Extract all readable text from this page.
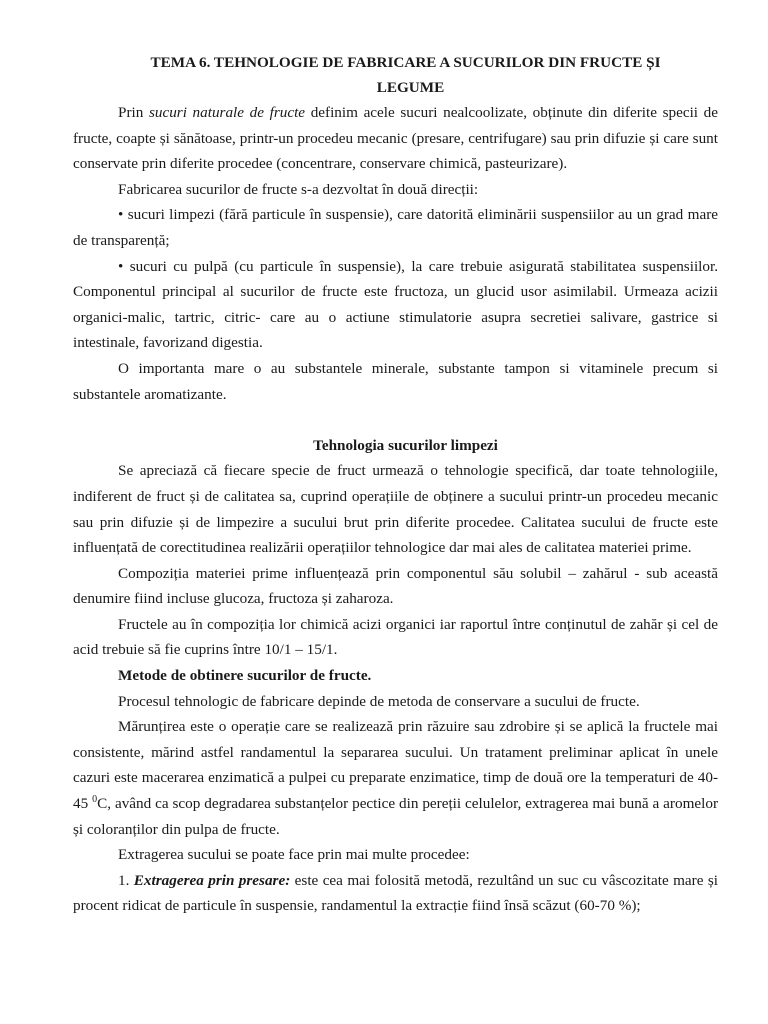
TEMA 6. TEHNOLOGIE DE FABRICARE A SUCURILOR DIN FRUCTE ȘI
LEGUME

Prin sucuri naturale de fructe definim acele sucuri nealcoolizate, obținute din diferite specii de fructe, coapte și sănătoase, printr-un procedeu mecanic (presare, centrifugare) sau prin difuzie și care sunt conservate prin diferite procedee (concentrare, conservare chimică, pasteurizare).

Fabricarea sucurilor de fructe s-a dezvoltat în două direcții:

• sucuri limpezi (fără particule în suspensie), care datorită eliminării suspensiilor au un grad mare de transparență;

• sucuri cu pulpă (cu particule în suspensie), la care trebuie asigurată stabilitatea suspensiilor. Componentul principal al sucurilor de fructe este fructoza, un glucid usor asimilabil. Urmeaza acizii organici-malic, tartric, citric- care au o actiune stimulatorie asupra secretiei salivare, gastrice si intestinale, favorizand digestia.

O importanta mare o au substantele minerale, substante tampon si vitaminele precum si substantele aromatizante.

Tehnologia sucurilor limpezi

Se apreciază că fiecare specie de fruct urmează o tehnologie specifică, dar toate tehnologiile, indiferent de fruct și de calitatea sa, cuprind operațiile de obținere a sucului printr-un procedeu mecanic sau prin difuzie și de limpezire a sucului brut prin diferite procedee. Calitatea sucului de fructe este influențată de corectitudinea realizării operațiilor tehnologice dar mai ales de calitatea materiei prime.

Compoziția materiei prime influențează prin componentul său solubil – zahărul - sub această denumire fiind incluse glucoza, fructoza și zaharoza.

Fructele au în compoziția lor chimică acizi organici iar raportul între conținutul de zahăr și cel de acid trebuie să fie cuprins între 10/1 – 15/1.

Metode de obtinere sucurilor de fructe.

Procesul tehnologic de fabricare depinde de metoda de conservare a sucului de fructe.

Mărunțirea este o operație care se realizează prin răzuire sau zdrobire și se aplică la fructele mai consistente, mărind astfel randamentul la separarea sucului. Un tratament preliminar aplicat în unele cazuri este macerarea enzimatică a pulpei cu preparate enzimatice, timp de două ore la temperaturi de 40-45 $^0$C, având ca scop degradarea substanțelor pectice din pereții celulelor, extragerea mai bună a aromelor și coloranților din pulpa de fructe.

Extragerea sucului se poate face prin mai multe procedee:

1. Extragerea prin presare: este cea mai folosită metodă, rezultând un suc cu vâscozitate mare și procent ridicat de particule în suspensie, randamentul la extracție fiind însă scăzut (60-70 %);
